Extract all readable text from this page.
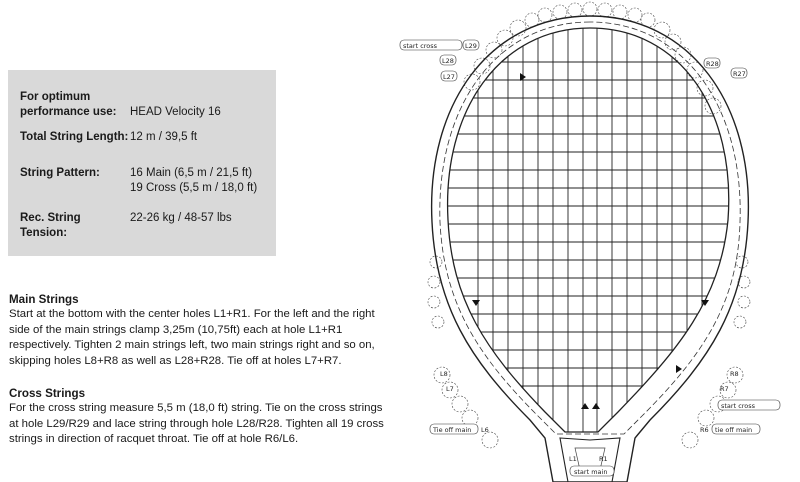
For optimum
performance use:	HEAD Velocity 16
Total String Length: 12 m / 39,5 ft
String Pattern:	16 Main (6,5 m / 21,5 ft)
19 Cross (5,5 m / 18,0 ft)
Rec. String Tension:
22-26 kg / 48-57 lbs
Main Strings

Start at the bottom with the center holes L1+R1. For the left and the right side of the main strings clamp 3,25m (10,75ft) each at hole L1+R1 respectively. Tighten 2 main strings left, two main strings right and so on, skipping holes L8+R8 as well as L28+R28. Tie off at holes L7+R7.

Cross Strings

For the cross string measure 5,5 m (18,0 ft) string. Tie on the cross strings at hole L29/R29 and lace string through hole L28/R28. Tighten all 19 cross strings in direction of racquet throat. Tie off at hole R6/L6.

start cross	L29
L28
L27
R28
R27
L8
L7
R8
R7
start cross
Tie off main L6	R6 tie off main
L1	R1
start main
